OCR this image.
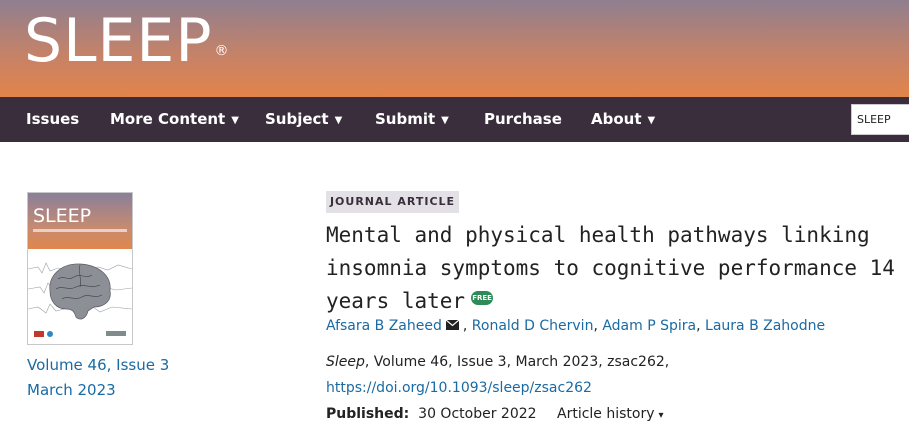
SLEEP ®
Issues More Content ▼ Subject ▼ Submit ▼ Purchase About ▼	SLEEP
SLEEP
Volume 46, Issue 3
March 2023
JOURNAL ARTICLE
Mental and physical health pathways linking
insomnia symptoms to cognitive performance 14
years later FREE
Afsara B Zaheed , Ronald D Chervin, Adam P Spira, Laura B Zahodne
Sleep, Volume 46, Issue 3, March 2023, zsac262,
https://doi.org/10.1093/sleep/zsac262
Published: 30 October 2022 Article history ▾
